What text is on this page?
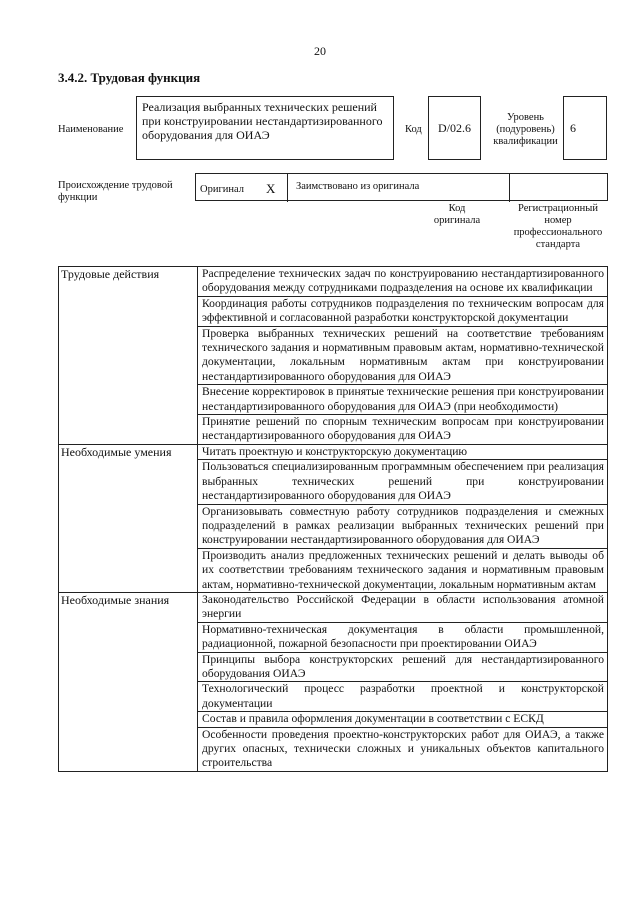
20
3.4.2. Трудовая функция
Наименование
Реализация выбранных технических решений при конструировании нестандартизированного оборудования для ОИАЭ	Код	D/02.6
Уровень (подуровень) квалификации
6
Происхождение трудовой функции
Оригинал X Заимствовано из оригинала
Код оригинала
Регистрационный номер профессионального стандарта
Трудовые действия	Распределение технических задач по конструированию нестандартизированного оборудования между сотрудниками подразделения на основе их квалификации
Координация работы сотрудников подразделения по техническим вопросам для эффективной и согласованной разработки конструкторской документации
Проверка выбранных технических решений на соответствие требованиям технического задания и нормативным правовым актам, нормативно-технической документации, локальным нормативным актам при конструировании нестандартизированного оборудования для ОИАЭ
Внесение корректировок в принятые технические решения при конструировании нестандартизированного оборудования для ОИАЭ (при необходимости)
Принятие решений по спорным техническим вопросам при конструировании нестандартизированного оборудования для ОИАЭ
Необходимые умения	Читать проектную и конструкторскую документацию
Пользоваться специализированным программным обеспечением при реализация выбранных технических решений при конструировании нестандартизированного оборудования для ОИАЭ
Организовывать совместную работу сотрудников подразделения и смежных подразделений в рамках реализации выбранных технических решений при конструировании нестандартизированного оборудования для ОИАЭ
Производить анализ предложенных технических решений и делать выводы об их соответствии требованиям технического задания и нормативным правовым актам, нормативно-технической документации, локальным нормативным актам
Необходимые знания	Законодательство Российской Федерации в области использования атомной энергии
Нормативно-техническая документация в области промышленной, радиационной, пожарной безопасности при проектировании ОИАЭ
Принципы выбора конструкторских решений для нестандартизированного оборудования ОИАЭ
Технологический процесс разработки проектной и конструкторской документации
Состав и правила оформления документации в соответствии с ЕСКД
Особенности проведения проектно-конструкторских работ для ОИАЭ, а также других опасных, технически сложных и уникальных объектов капитального строительства
